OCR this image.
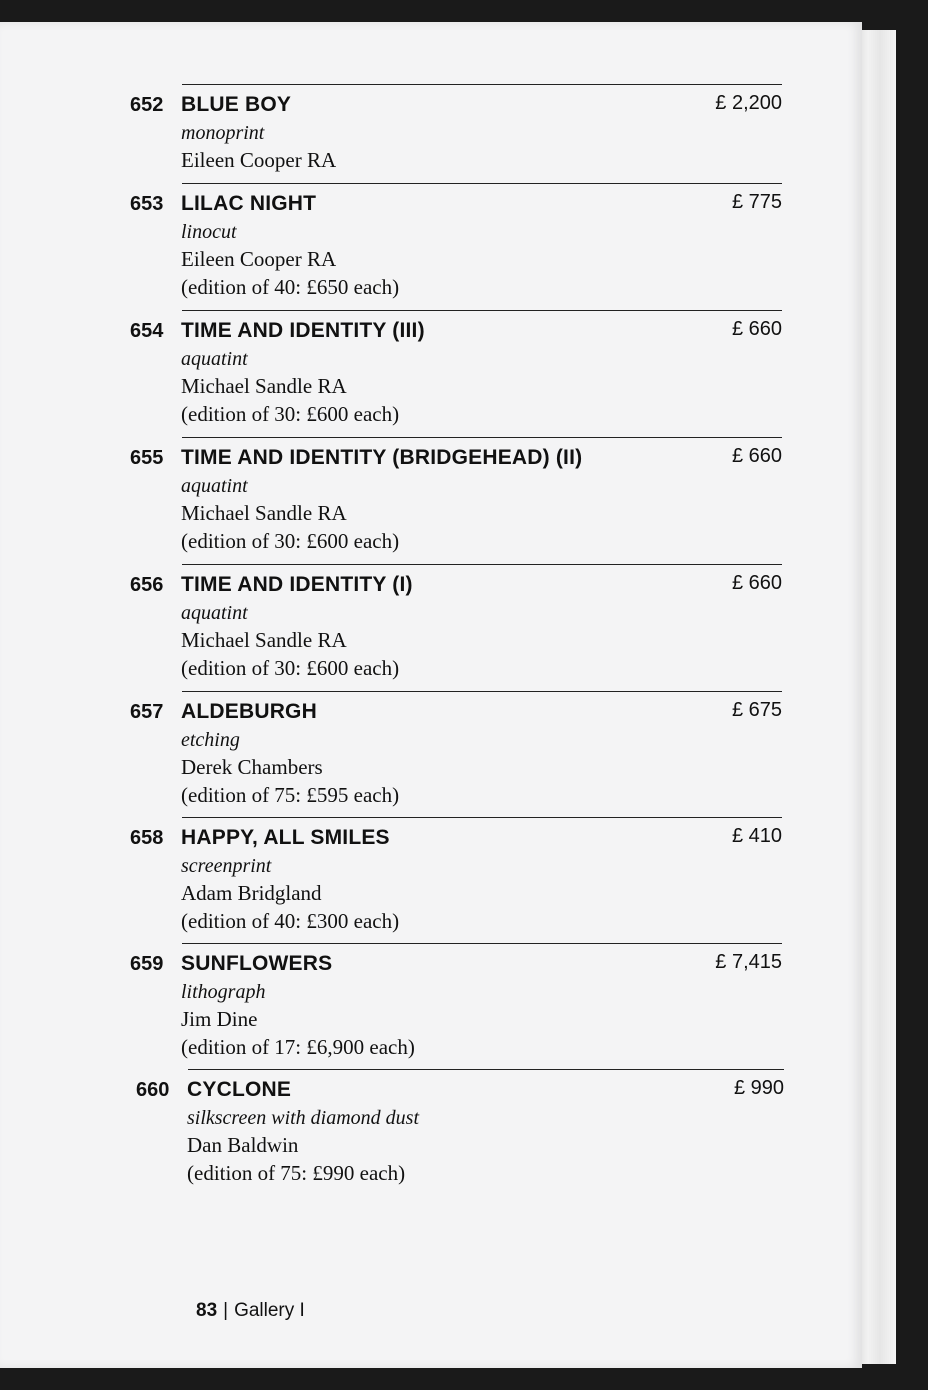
652 BLUE BOY
monoprint
Eileen Cooper RA
£ 2,200
653 LILAC NIGHT
linocut
Eileen Cooper RA
(edition of 40: £650 each)
£ 775
654 TIME AND IDENTITY (III)
aquatint
Michael Sandle RA
(edition of 30: £600 each)
£ 660
655 TIME AND IDENTITY (BRIDGEHEAD) (II)
aquatint
Michael Sandle RA
(edition of 30: £600 each)
£ 660
656 TIME AND IDENTITY (I)
aquatint
Michael Sandle RA
(edition of 30: £600 each)
£ 660
657 ALDEBURGH
etching
Derek Chambers
(edition of 75: £595 each)
£ 675
658 HAPPY, ALL SMILES
screenprint
Adam Bridgland
(edition of 40: £300 each)
£ 410
659 SUNFLOWERS
lithograph
Jim Dine
(edition of 17: £6,900 each)
£ 7,415
660 CYCLONE
silkscreen with diamond dust
Dan Baldwin
(edition of 75: £990 each)
£ 990
83 | Gallery I
